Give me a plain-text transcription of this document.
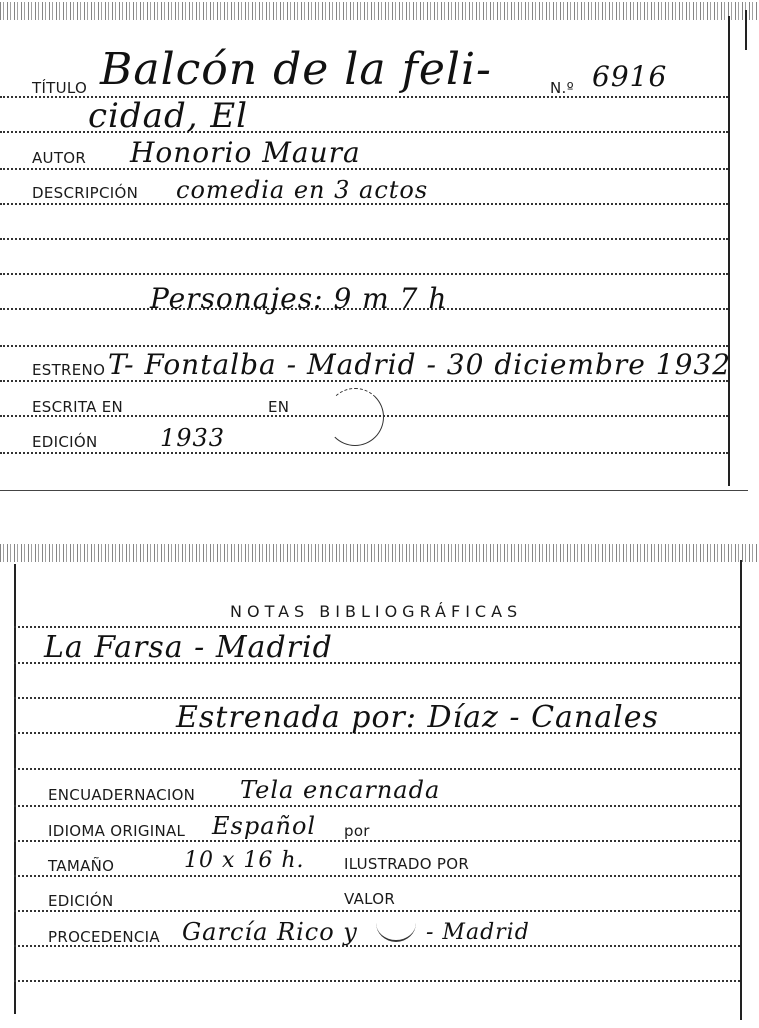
TÍTULO Balcón de la feli-	N.º 6916
cidad, El
AUTOR Honorio Maura
DESCRIPCIÓN comedia en 3 actos
Personajes: 9 m 7 h
ESTRENO T- Fontalba - Madrid - 30 diciembre 1932
ESCRITA EN	EN
EDICIÓN	1933
NOTAS BIBLIOGRÁFICAS
La Farsa - Madrid
Estrenada por: Díaz - Canales
ENCUADERNACION Tela encarnada
IDIOMA ORIGINAL Español por
TAMAÑO	10 x 16 h.	ILUSTRADO POR
EDICIÓN	VALOR
PROCEDENCIA García Rico y	- Madrid
